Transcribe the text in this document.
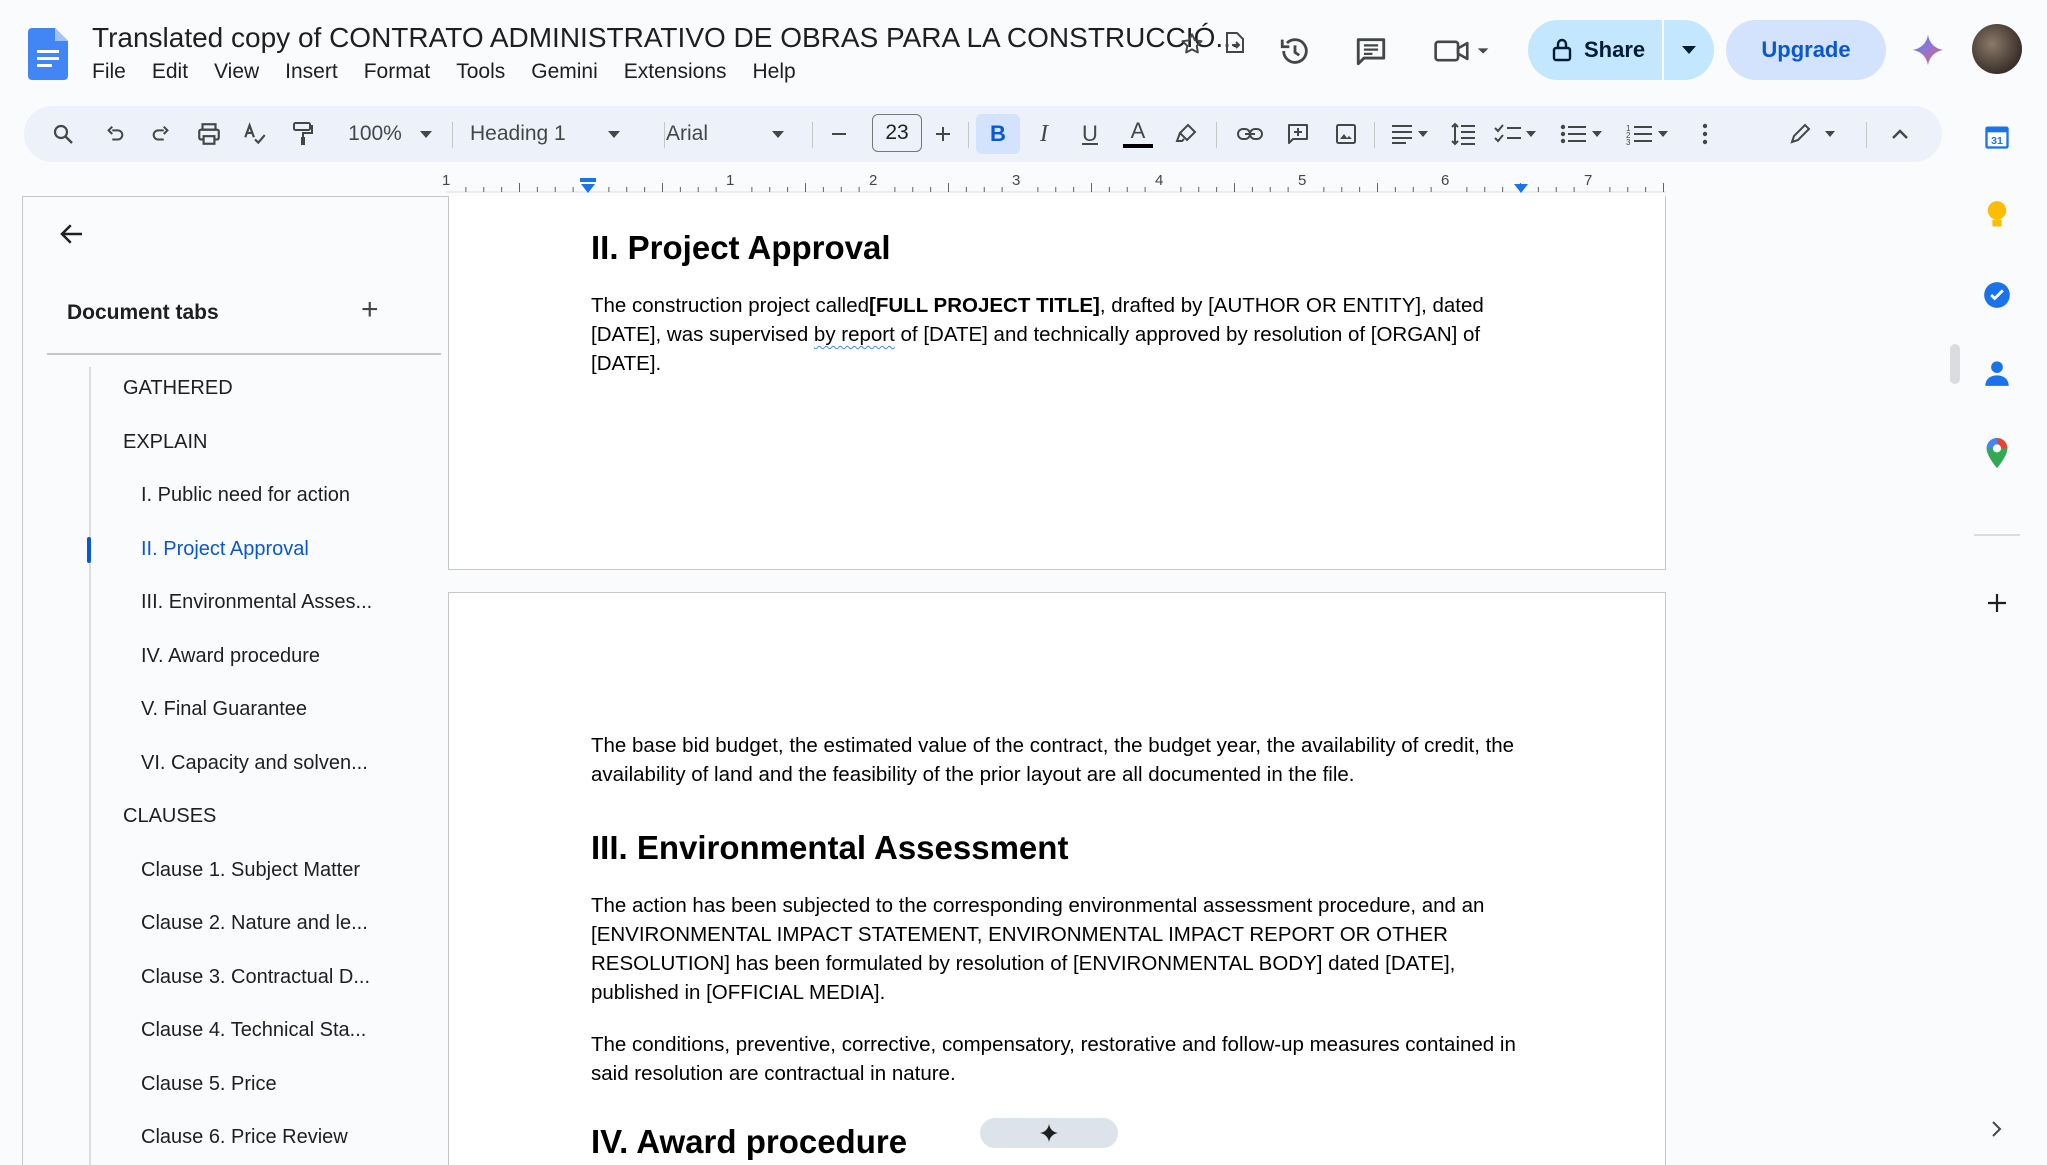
Translated copy of CONTRATO ADMINISTRATIVO DE OBRAS PARA LA CONSTRUCCIÓ...
File Edit View Insert Format Tools Gemini Extensions Help
Share	Upgrade
100%	Heading 1	Arial	23	B	I	U	A	1
2
3
1	1	2	3	4	5	6	7
Document tabs	+
GATHERED
EXPLAIN
I. Public need for action
II. Project Approval
III. Environmental Asses...
IV. Award procedure
V. Final Guarantee
VI. Capacity and solven...
CLAUSES
Clause 1. Subject Matter
Clause 2. Nature and le...
Clause 3. Contractual D...
Clause 4. Technical Sta...
Clause 5. Price
Clause 6. Price Review
II. Project Approval
The construction project called[FULL PROJECT TITLE], drafted by [AUTHOR OR ENTITY], dated [DATE], was supervised by report of [DATE] and technically approved by resolution of [ORGAN] of [DATE].
The base bid budget, the estimated value of the contract, the budget year, the availability of credit, the availability of land and the feasibility of the prior layout are all documented in the file.
III. Environmental Assessment
The action has been subjected to the corresponding environmental assessment procedure, and an [ENVIRONMENTAL IMPACT STATEMENT, ENVIRONMENTAL IMPACT REPORT OR OTHER RESOLUTION] has been formulated by resolution of [ENVIRONMENTAL BODY] dated [DATE], published in [OFFICIAL MEDIA].
The conditions, preventive, corrective, compensatory, restorative and follow-up measures contained in said resolution are contractual in nature.
IV. Award procedure
31
